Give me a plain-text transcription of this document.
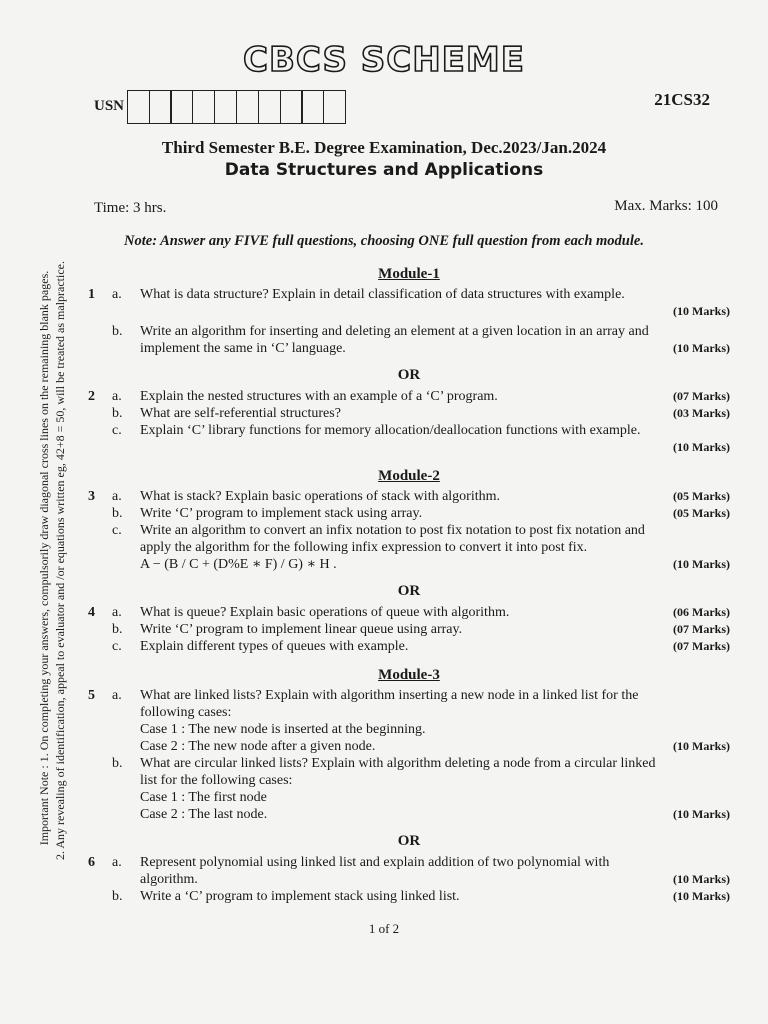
CBCS SCHEME
USN	21CS32
Third Semester B.E. Degree Examination, Dec.2023/Jan.2024
Data Structures and Applications
Time: 3 hrs.	Max. Marks: 100
Note: Answer any FIVE full questions, choosing ONE full question from each module.
Important Note : 1. On completing your answers, compulsorily draw diagonal cross lines on the remaining blank pages. 2. Any revealing of identification, appeal to evaluator and /or equations written eg, 42+8 = 50, will be treated as malpractice.	Module-1
1	a.	What is data structure? Explain in detail classification of data structures with example.
(10 Marks)
b.	Write an algorithm for inserting and deleting an element at a given location in an array and
implement the same in ‘C’ language.	(10 Marks)
OR
2	a.	Explain the nested structures with an example of a ‘C’ program.	(07 Marks)
b.	What are self-referential structures?	(03 Marks)
c.	Explain ‘C’ library functions for memory allocation/deallocation functions with example.
(10 Marks)
Module-2
3	a.	What is stack? Explain basic operations of stack with algorithm.	(05 Marks)
b.	Write ‘C’ program to implement stack using array.	(05 Marks)
c.	Write an algorithm to convert an infix notation to post fix notation to post fix notation and
apply the algorithm for the following infix expression to convert it into post fix.
A − (B / C + (D%E ∗ F) / G) ∗ H .	(10 Marks)
OR
4	a.	What is queue? Explain basic operations of queue with algorithm.	(06 Marks)
b.	Write ‘C’ program to implement linear queue using array.	(07 Marks)
c.	Explain different types of queues with example.	(07 Marks)
Module-3
5	a.	What are linked lists? Explain with algorithm inserting a new node in a linked list for the
following cases:
Case 1 : The new node is inserted at the beginning.
Case 2 : The new node after a given node.	(10 Marks)
b.	What are circular linked lists? Explain with algorithm deleting a node from a circular linked
list for the following cases:
Case 1 : The first node
Case 2 : The last node.	(10 Marks)
OR
6	a.	Represent polynomial using linked list and explain addition of two polynomial with
algorithm.	(10 Marks)
b.	Write a ‘C’ program to implement stack using linked list.	(10 Marks)
1 of 2
